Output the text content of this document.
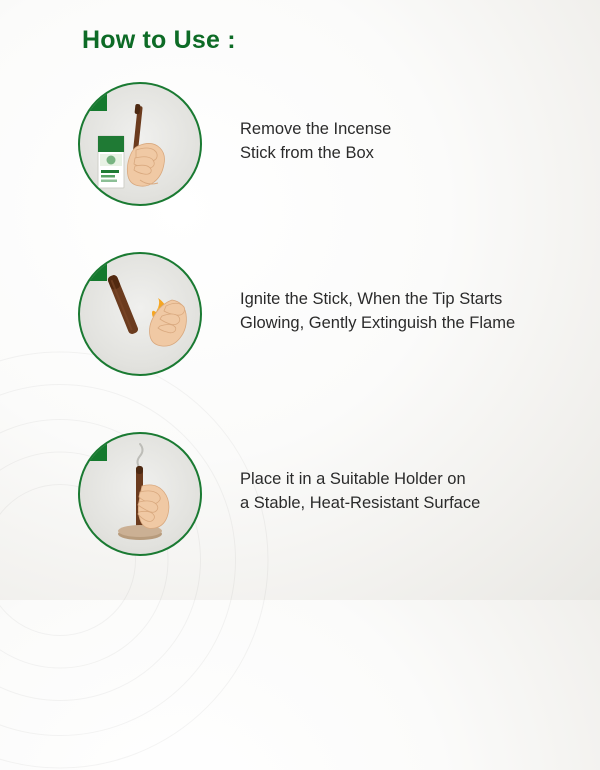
How to Use :
1
Remove the Incense
Stick from the Box
2
Ignite the Stick, When the Tip Starts
Glowing, Gently Extinguish the Flame
3
Place it in a Suitable Holder on
a Stable, Heat-Resistant Surface
